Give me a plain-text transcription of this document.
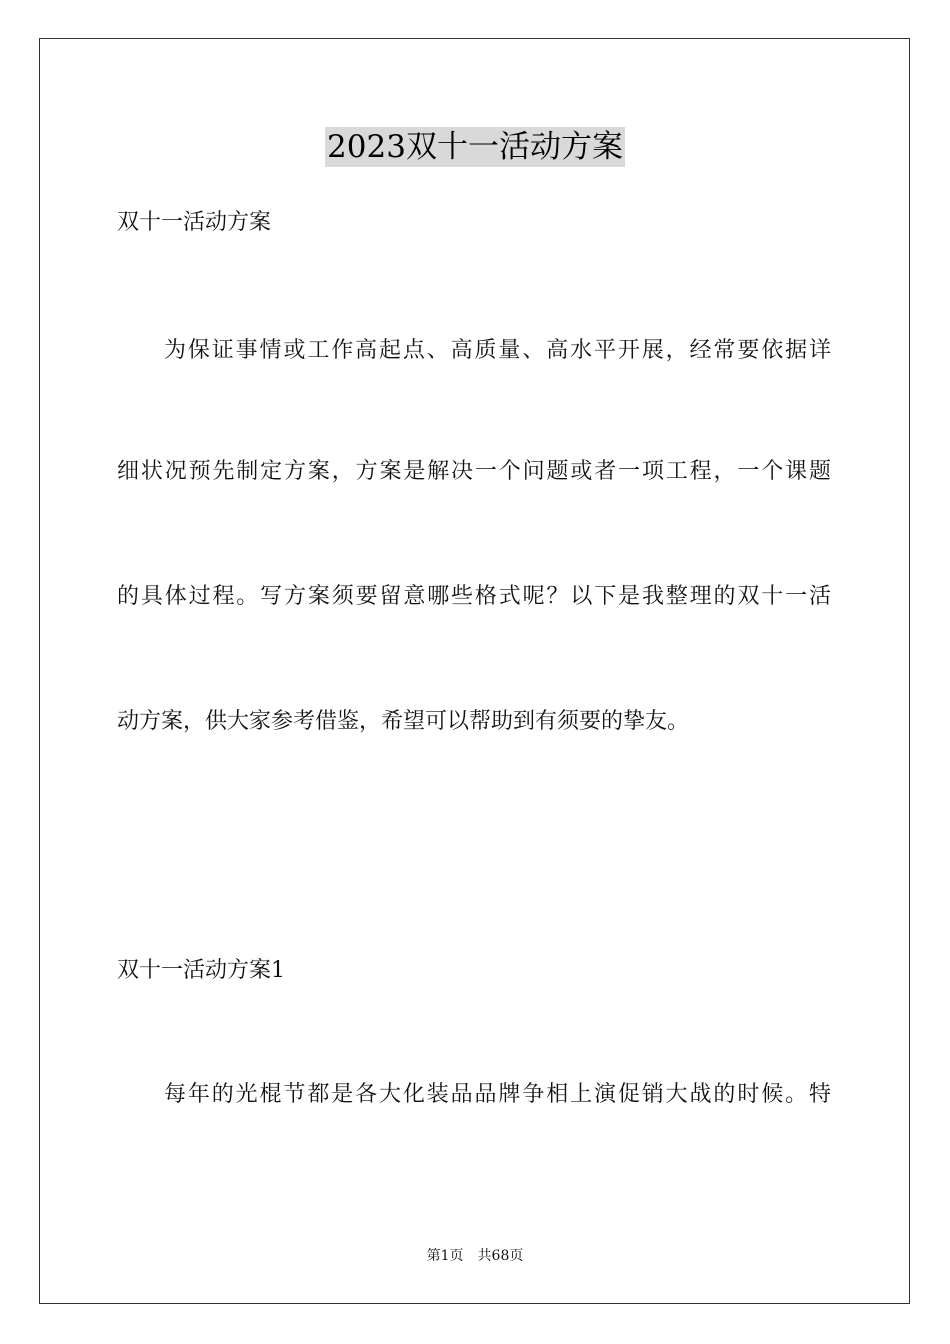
2023双十一活动方案
双十一活动方案
为保证事情或工作高起点、高质量、高水平开展，经常要依据详
细状况预先制定方案，方案是解决一个问题或者一项工程，一个课题
的具体过程。写方案须要留意哪些格式呢？以下是我整理的双十一活
动方案，供大家参考借鉴，希望可以帮助到有须要的挚友。
双十一活动方案1
每年的光棍节都是各大化装品品牌争相上演促销大战的时候。特
第1页 共68页
